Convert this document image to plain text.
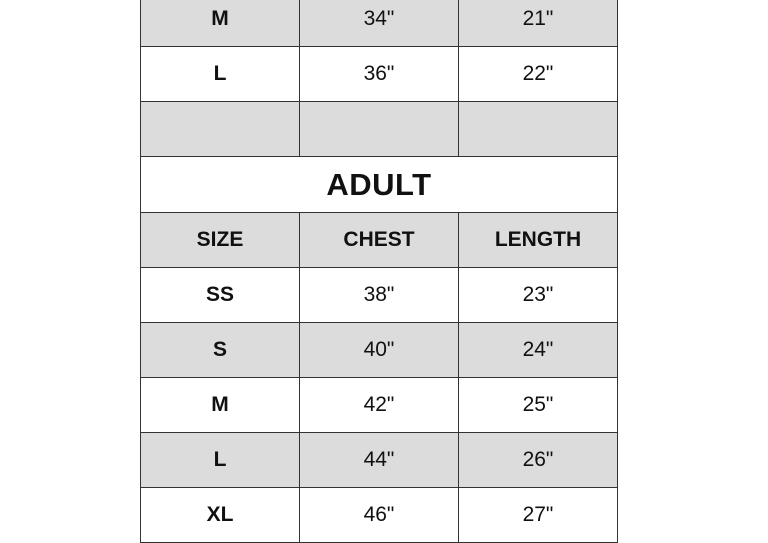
M	34"	21"
L	36"	22"
ADULT
SIZE	CHEST	LENGTH
SS	38"	23"
S	40"	24"
M	42"	25"
L	44"	26"
XL	46"	27"
